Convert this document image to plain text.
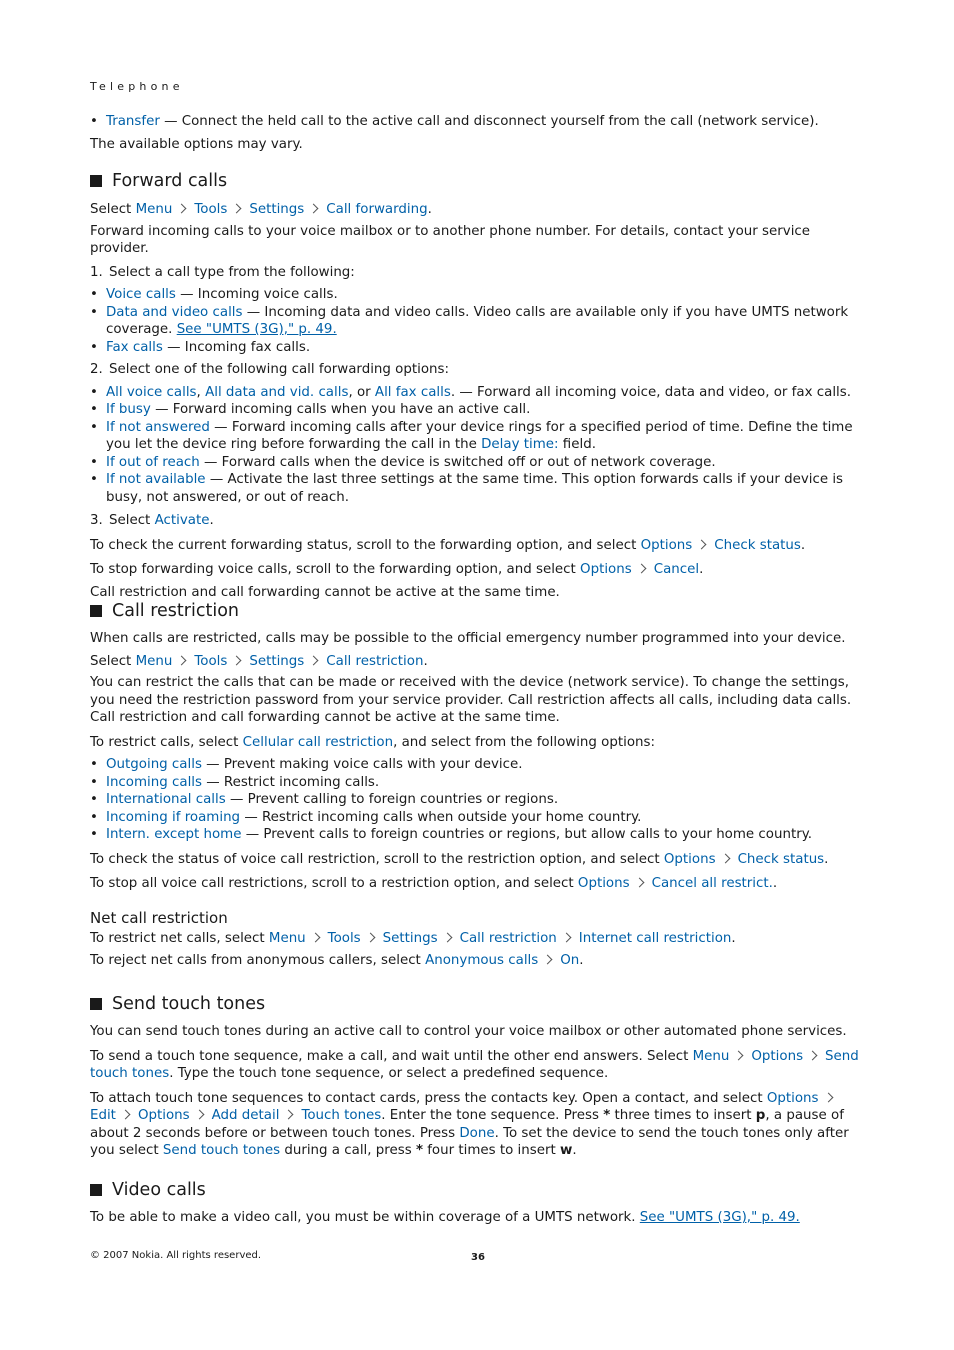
Telephone
• Transfer — Connect the held call to the active call and disconnect yourself from the call (network service).

The available options may vary.

Forward calls

Select Menu Tools Settings Call forwarding.

Forward incoming calls to your voice mailbox or to another phone number. For details, contact your service provider.

1. Select a call type from the following:
• Voice calls — Incoming voice calls.
• Data and video calls — Incoming data and video calls. Video calls are available only if you have UMTS network coverage. See "UMTS (3G)," p. 49.
• Fax calls — Incoming fax calls.
2. Select one of the following call forwarding options:
• All voice calls, All data and vid. calls, or All fax calls. — Forward all incoming voice, data and video, or fax calls.
• If busy — Forward incoming calls when you have an active call.
• If not answered — Forward incoming calls after your device rings for a specified period of time. Define the time you let the device ring before forwarding the call in the Delay time: field.
• If out of reach — Forward calls when the device is switched off or out of network coverage.
• If not available — Activate the last three settings at the same time. This option forwards calls if your device is busy, not answered, or out of reach.
3. Select Activate.

To check the current forwarding status, scroll to the forwarding option, and select Options Check status.

To stop forwarding voice calls, scroll to the forwarding option, and select Options Cancel.

Call restriction and call forwarding cannot be active at the same time.

Call restriction

When calls are restricted, calls may be possible to the official emergency number programmed into your device.

Select Menu Tools Settings Call restriction.

You can restrict the calls that can be made or received with the device (network service). To change the settings, you need the restriction password from your service provider. Call restriction affects all calls, including data calls. Call restriction and call forwarding cannot be active at the same time.

To restrict calls, select Cellular call restriction, and select from the following options:

• Outgoing calls — Prevent making voice calls with your device.
• Incoming calls — Restrict incoming calls.
• International calls — Prevent calling to foreign countries or regions.
• Incoming if roaming — Restrict incoming calls when outside your home country.
• Intern. except home — Prevent calls to foreign countries or regions, but allow calls to your home country.

To check the status of voice call restriction, scroll to the restriction option, and select Options Check status.

To stop all voice call restrictions, scroll to a restriction option, and select Options Cancel all restrict..

Net call restriction

To restrict net calls, select Menu Tools Settings Call restriction Internet call restriction.

To reject net calls from anonymous callers, select Anonymous calls On.

Send touch tones

You can send touch tones during an active call to control your voice mailbox or other automated phone services.

To send a touch tone sequence, make a call, and wait until the other end answers. Select Menu Options Send touch tones. Type the touch tone sequence, or select a predefined sequence.

To attach touch tone sequences to contact cards, press the contacts key. Open a contact, and select OptionsEdit Options Add detail Touch tones. Enter the tone sequence. Press * three times to insert p, a pause of about 2 seconds before or between touch tones. Press Done. To set the device to send the touch tones only after you select Send touch tones during a call, press * four times to insert w.

Video calls

To be able to make a video call, you must be within coverage of a UMTS network. See "UMTS (3G)," p. 49.

© 2007 Nokia. All rights reserved.	36
